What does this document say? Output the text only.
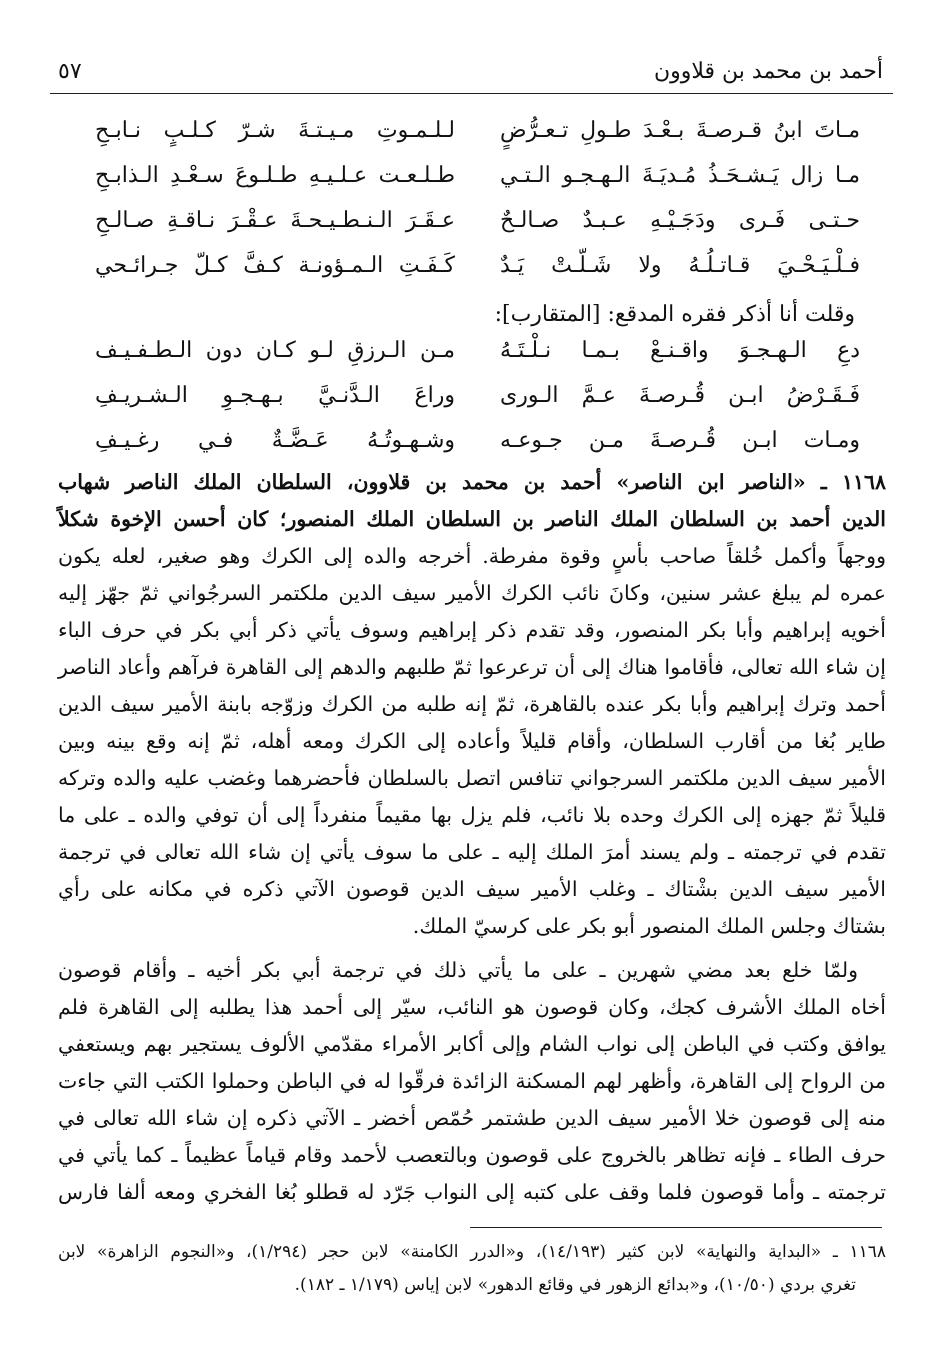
أحمد بن محمد بن قلاوون
٥٧
مـاتَ ابنُ قـرصـةَ بـعْـدَ طـولِ تـعـرُّضٍ
لـلـمـوتِ مـيـتـةَ شـرّ كـلـبٍ نـابـحِ
مـا زال يَـشـحَـذُ مُـديَـةَ الـهـجـو الـتـي
طـلـعـت عـلـيـهِ طـلـوعَ سـعْـدِ الـذابـحِ
حـتـى فَـرى ودَجَـيْـهِ عـبـدٌ صـالـحٌ
عـقَـرَ الـنـطـيـحـةَ عـقْـرَ نـاقـةِ صـالـحِ
فـلْـيَـحْـيَ قـاتـلُـهُ ولا شَـلّـتْ يَـدٌ
كَـفَـتِ الـمـؤونـة كـفَّ كـلّ جـرائـحي
وقلت أنا أذكر فقره المدقع: [المتقارب]:
دعِ الـهـجـوَ واقـنـعْ بـمـا نـلْـتَـهُ
مـن الـرزقِ لـو كـان دون الـطـفـيـف
فَـقَـرْضُ ابـن قُـرصـةَ عـمَّ الـورى
وراعَ الـدَّنـيَّ بـهـجـوِ الـشـريـفِ
ومـات ابـن قُـرصـةَ مـن جـوعـه
وشـهـوتُـهُ عَـضَّـةٌ فـي رغـيـفِ
١١٦٨ ـ «الناصر ابن الناصر» أحمد بن محمد بن قلاوون، السلطان الملك الناصر شهاب
الدين أحمد بن السلطان الملك الناصر بن السلطان الملك المنصور؛ كان أحسن الإخوة شكلاً
ووجهاً وأكمل خُلقاً صاحب بأسٍ وقوة مفرطة. أخرجه والده إلى الكرك وهو صغير، لعله يكون
عمره لم يبلغ عشر سنين، وكانَ نائب الكرك الأمير سيف الدين ملكتمر السرجُواني ثمّ جهّز إليه
أخويه إبراهيم وأبا بكر المنصور، وقد تقدم ذكر إبراهيم وسوف يأتي ذكر أبي بكر في حرف الباء
إن شاء الله تعالى، فأقاموا هناك إلى أن ترعرعوا ثمّ طلبهم والدهم إلى القاهرة فرآهم وأعاد الناصر
أحمد وترك إبراهيم وأبا بكر عنده بالقاهرة، ثمّ إنه طلبه من الكرك وزوّجه بابنة الأمير سيف الدين
طاير بُغا من أقارب السلطان، وأقام قليلاً وأعاده إلى الكرك ومعه أهله، ثمّ إنه وقع بينه وبين
الأمير سيف الدين ملكتمر السرجواني تنافس اتصل بالسلطان فأحضرهما وغضب عليه والده وتركه
قليلاً ثمّ جهزه إلى الكرك وحده بلا نائب، فلم يزل بها مقيماً منفرداً إلى أن توفي والده ـ على ما
تقدم في ترجمته ـ ولم يسند أمرَ الملك إليه ـ على ما سوف يأتي إن شاء الله تعالى في ترجمة
الأمير سيف الدين بشْتاك ـ وغلب الأمير سيف الدين قوصون الآتي ذكره في مكانه على رأي
بشتاك وجلس الملك المنصور أبو بكر على كرسيّ الملك.
ولمّا خلع بعد مضي شهرين ـ على ما يأتي ذلك في ترجمة أبي بكر أخيه ـ وأقام قوصون
أخاه الملك الأشرف كجك، وكان قوصون هو النائب، سيّر إلى أحمد هذا يطلبه إلى القاهرة فلم
يوافق وكتب في الباطن إلى نواب الشام وإلى أكابر الأمراء مقدّمي الألوف يستجير بهم ويستعفي
من الرواح إلى القاهرة، وأظهر لهم المسكنة الزائدة فرقّوا له في الباطن وحملوا الكتب التي جاءت
منه إلى قوصون خلا الأمير سيف الدين طشتمر حُمّص أخضر ـ الآتي ذكره إن شاء الله تعالى في
حرف الطاء ـ فإنه تظاهر بالخروج على قوصون وبالتعصب لأحمد وقام قياماً عظيماً ـ كما يأتي في
ترجمته ـ وأما قوصون فلما وقف على كتبه إلى النواب جَرّد له قطلو بُغا الفخري ومعه ألفا فارس
١١٦٨ ـ «البداية والنهاية» لابن كثير (١٤/١٩٣)، و«الدرر الكامنة» لابن حجر (١/٢٩٤)، و«النجوم الزاهرة» لابن
تغري بردي (١٠/٥٠)، و«بدائع الزهور في وقائع الدهور» لابن إياس (١/١٧٩ ـ ١٨٢).
